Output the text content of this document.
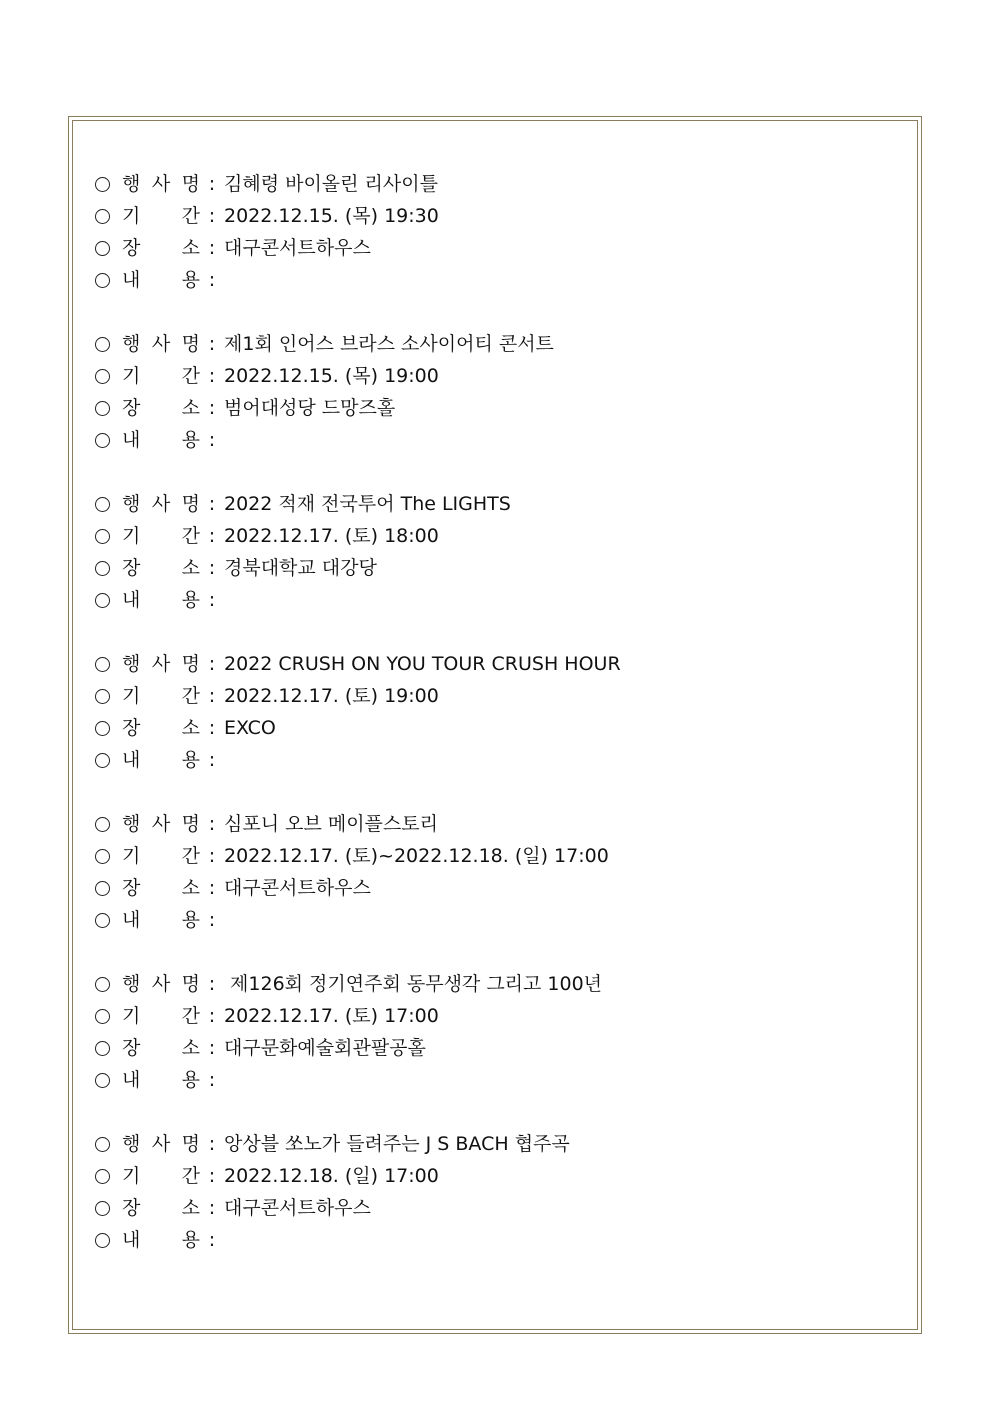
행 사 명 : 김혜령 바이올린 리사이틀
기 간 : 2022.12.15. (목) 19:30
장 소 : 대구콘서트하우스
내 용 :
행 사 명 : 제1회 인어스 브라스 소사이어티 콘서트
기 간 : 2022.12.15. (목) 19:00
장 소 : 범어대성당 드망즈홀
내 용 :
행 사 명 : 2022 적재 전국투어 The LIGHTS
기 간 : 2022.12.17. (토) 18:00
장 소 : 경북대학교 대강당
내 용 :
행 사 명 : 2022 CRUSH ON YOU TOUR CRUSH HOUR
기 간 : 2022.12.17. (토) 19:00
장 소 : EXCO
내 용 :
행 사 명 : 심포니 오브 메이플스토리
기 간 : 2022.12.17. (토)~2022.12.18. (일) 17:00
장 소 : 대구콘서트하우스
내 용 :
행 사 명 : 제126회 정기연주회 동무생각 그리고 100년
기 간 : 2022.12.17. (토) 17:00
장 소 : 대구문화예술회관팔공홀
내 용 :
행 사 명 : 앙상블 쏘노가 들려주는 J S BACH 협주곡
기 간 : 2022.12.18. (일) 17:00
장 소 : 대구콘서트하우스
내 용 :
